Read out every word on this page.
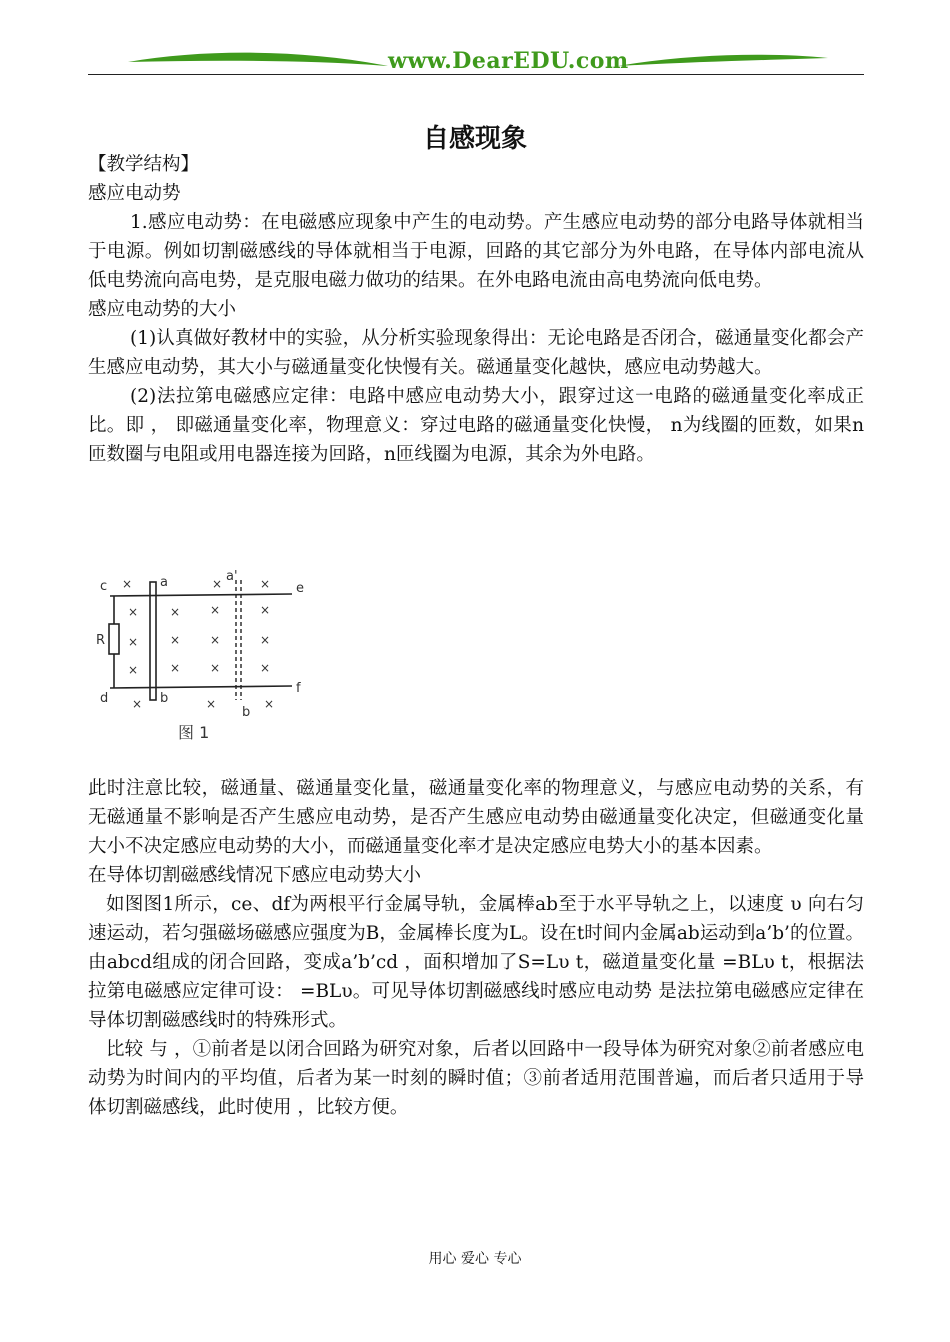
www.DearEDU.com
自感现象

【教学结构】

感应电动势

1.感应电动势：在电磁感应现象中产生的电动势。产生感应电动势的部分电路导体就相当于电源。例如切割磁感线的导体就相当于电源，回路的其它部分为外电路，在导体内部电流从低电势流向高电势，是克服电磁力做功的结果。在外电路电流由高电势流向低电势。

感应电动势的大小

(1)认真做好教材中的实验，从分析实验现象得出：无论电路是否闭合，磁通量变化都会产生感应电动势，其大小与磁通量变化快慢有关。磁通量变化越快，感应电动势越大。

(2)法拉第电磁感应定律：电路中感应电动势大小，跟穿过这一电路的磁通量变化率成正比。即 ， 即磁通量变化率，物理意义：穿过电路的磁通量变化快慢， n为线圈的匝数，如果n匝数圈与电阻或用电器连接为回路，n匝线圈为电源，其余为外电路。

c
d
e
f
R
a
b
a'
b
×	×	×
×	× ×	×
×	× ×	×
×	× ×	×
×	×	×
图 1

此时注意比较，磁通量、磁通量变化量，磁通量变化率的物理意义，与感应电动势的关系，有无磁通量不影响是否产生感应电动势，是否产生感应电动势由磁通量变化决定，但磁通变化量大小不决定感应电动势的大小，而磁通量变化率才是决定感应电势大小的基本因素。

在导体切割磁感线情况下感应电动势大小

如图图1所示，ce、df为两根平行金属导轨，金属棒ab至于水平导轨之上，以速度 υ 向右匀速运动，若匀强磁场磁感应强度为B，金属棒长度为L。设在t时间内金属ab运动到a’b’的位置。由abcd组成的闭合回路，变成a’b’cd ，面积增加了S=Lυ t，磁道量变化量 =BLυ t，根据法拉第电磁感应定律可设： =BLυ。可见导体切割磁感线时感应电动势 是法拉第电磁感应定律在导体切割磁感线时的特殊形式。

比较 与 ，①前者是以闭合回路为研究对象，后者以回路中一段导体为研究对象②前者感应电动势为时间内的平均值，后者为某一时刻的瞬时值；③前者适用范围普遍，而后者只适用于导体切割磁感线，此时使用 ，比较方便。

用心 爱心 专心
